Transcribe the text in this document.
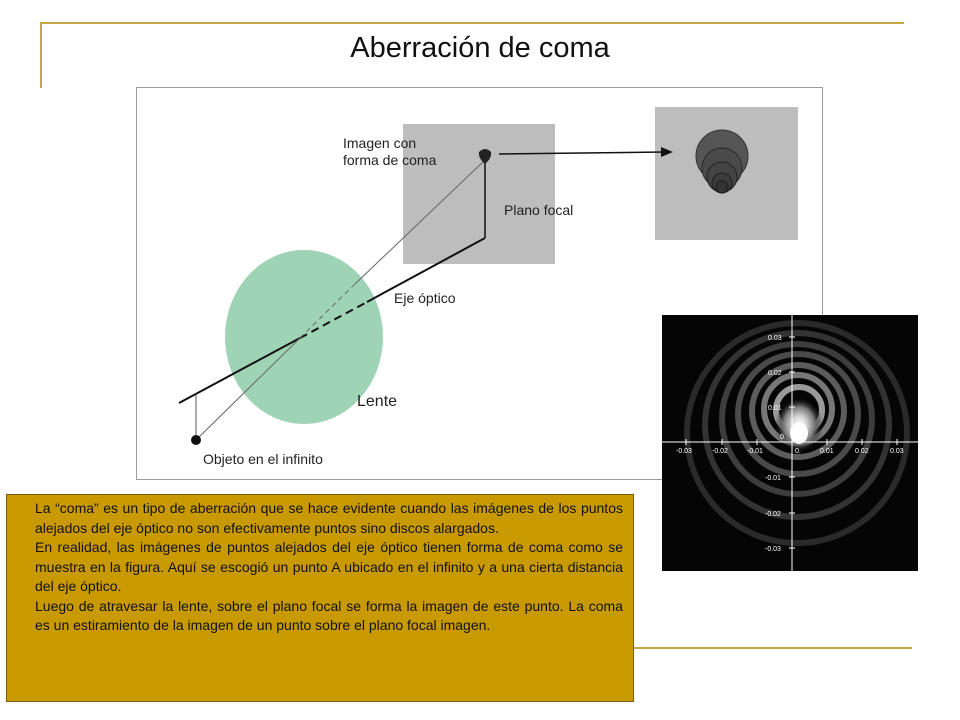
Aberración de coma
Imagen con
forma de coma
Plano focal
Eje óptico
Lente
Objeto en el infinito	-0.03	-0.02	-0.01	0.	0.01	0.02	0.03
0.03
0.02
0.01
0
-0.01
-0.02
-0.03

La “coma” es un tipo de aberración que se hace evidente cuando las imágenes de los puntos alejados del eje óptico no son efectivamente puntos sino discos alargados.

En realidad, las imágenes de puntos alejados del eje óptico tienen forma de coma como se muestra en la figura. Aquí se escogió un punto A ubicado en el infinito y a una cierta distancia del eje óptico.

Luego de atravesar la lente, sobre el plano focal se forma la imagen de este punto. La coma es un estiramiento de la imagen de un punto sobre el plano focal imagen.
